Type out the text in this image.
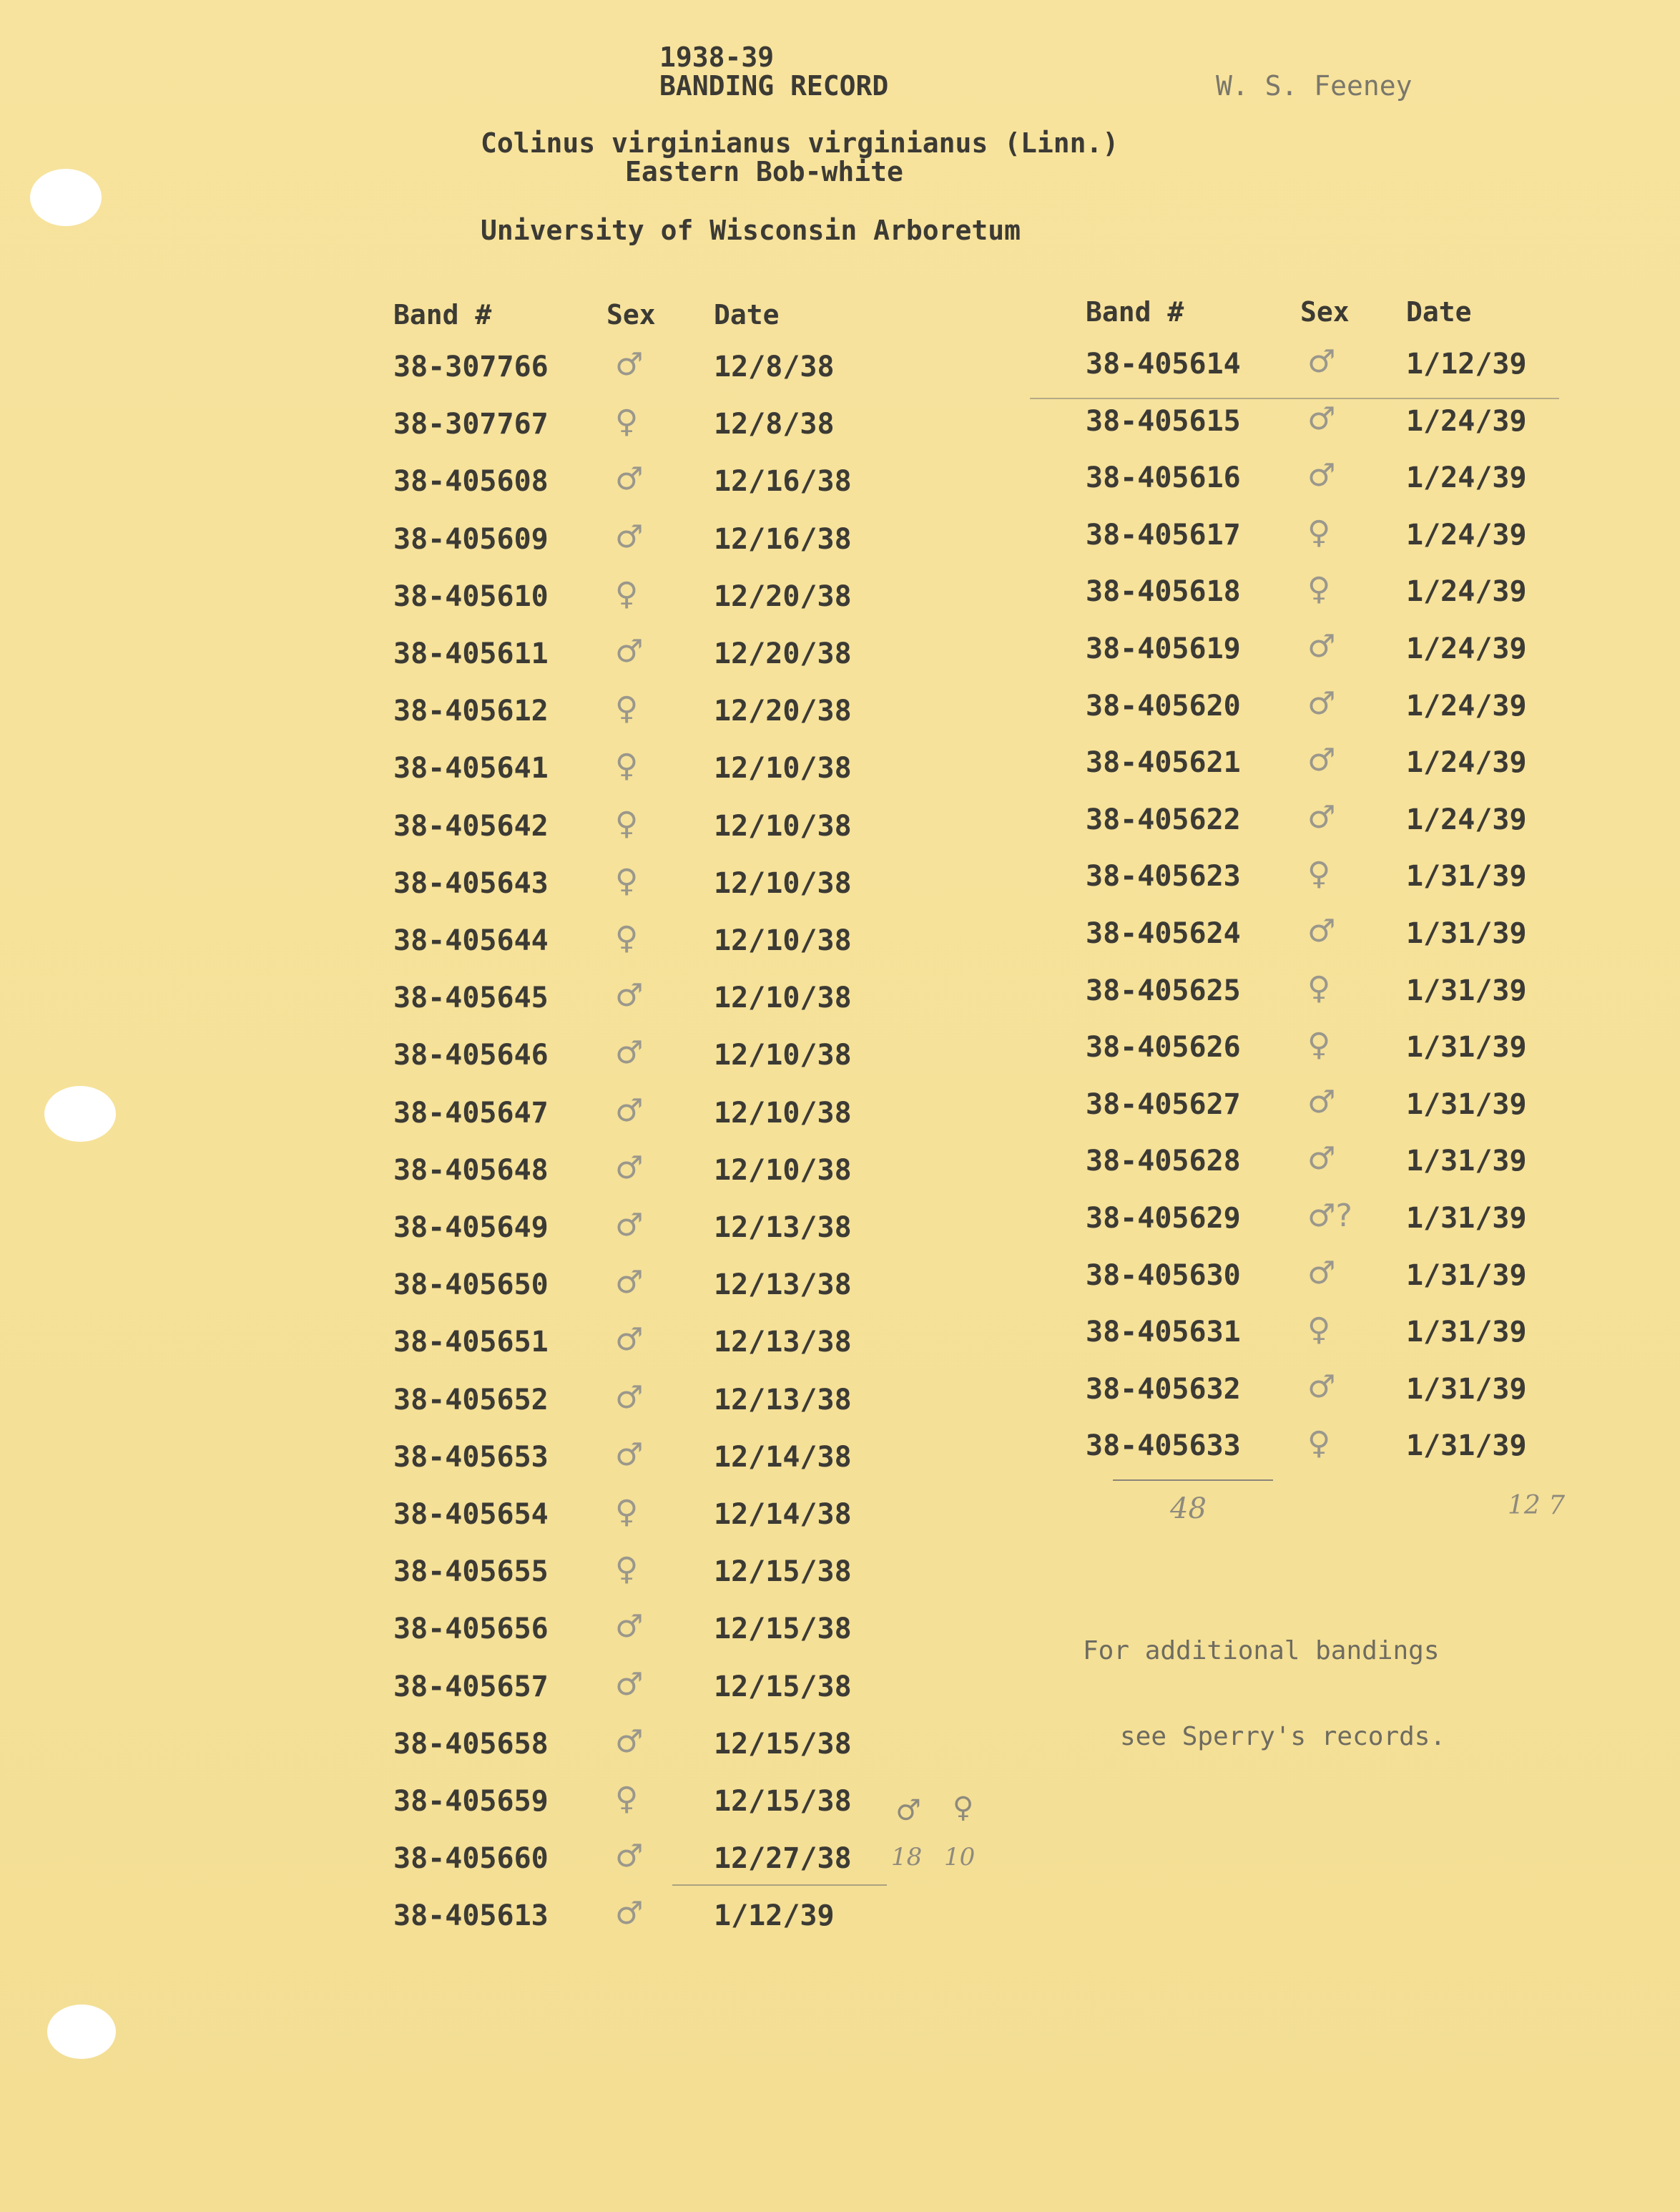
1938-39
BANDING RECORD	W. S. Feeney
Colinus virginianus virginianus (Linn.)
Eastern Bob-white
University of Wisconsin Arboretum
Band #	Sex Date
38-307766 ♂ 12/8/38
38-307767 ♀	12/8/38
38-405608 ♂ 12/16/38
38-405609 ♂ 12/16/38
38-405610 ♀	12/20/38
38-405611 ♂ 12/20/38
38-405612 ♀	12/20/38
38-405641 ♀	12/10/38
38-405642 ♀	12/10/38
38-405643 ♀	12/10/38
38-405644 ♀	12/10/38
38-405645 ♂ 12/10/38
38-405646 ♂ 12/10/38
38-405647 ♂ 12/10/38
38-405648 ♂ 12/10/38
38-405649 ♂ 12/13/38
38-405650 ♂ 12/13/38
38-405651 ♂ 12/13/38
38-405652 ♂ 12/13/38
38-405653 ♂ 12/14/38
38-405654 ♀	12/14/38
38-405655 ♀	12/15/38
38-405656 ♂ 12/15/38
38-405657 ♂ 12/15/38
38-405658 ♂ 12/15/38
38-405659 ♀	12/15/38
38-405660 ♂ 12/27/38
38-405613 ♂ 1/12/39
Band #	Sex Date
38-405614 ♂ 1/12/39
38-405615 ♂ 1/24/39
38-405616 ♂ 1/24/39
38-405617 ♀	1/24/39
38-405618 ♀	1/24/39
38-405619 ♂ 1/24/39
38-405620 ♂ 1/24/39
38-405621 ♂ 1/24/39
38-405622 ♂ 1/24/39
38-405623 ♀	1/31/39
38-405624 ♂ 1/31/39
38-405625 ♀	1/31/39
38-405626 ♀	1/31/39
38-405627 ♂ 1/31/39
38-405628 ♂ 1/31/39
38-405629 ♂? 1/31/39
38-405630 ♂ 1/31/39
38-405631 ♀	1/31/39
38-405632 ♂ 1/31/39
38-405633 ♀	1/31/39
48	12 7
♂ ♀
18 10

For additional bandings

see Sperry's records.
